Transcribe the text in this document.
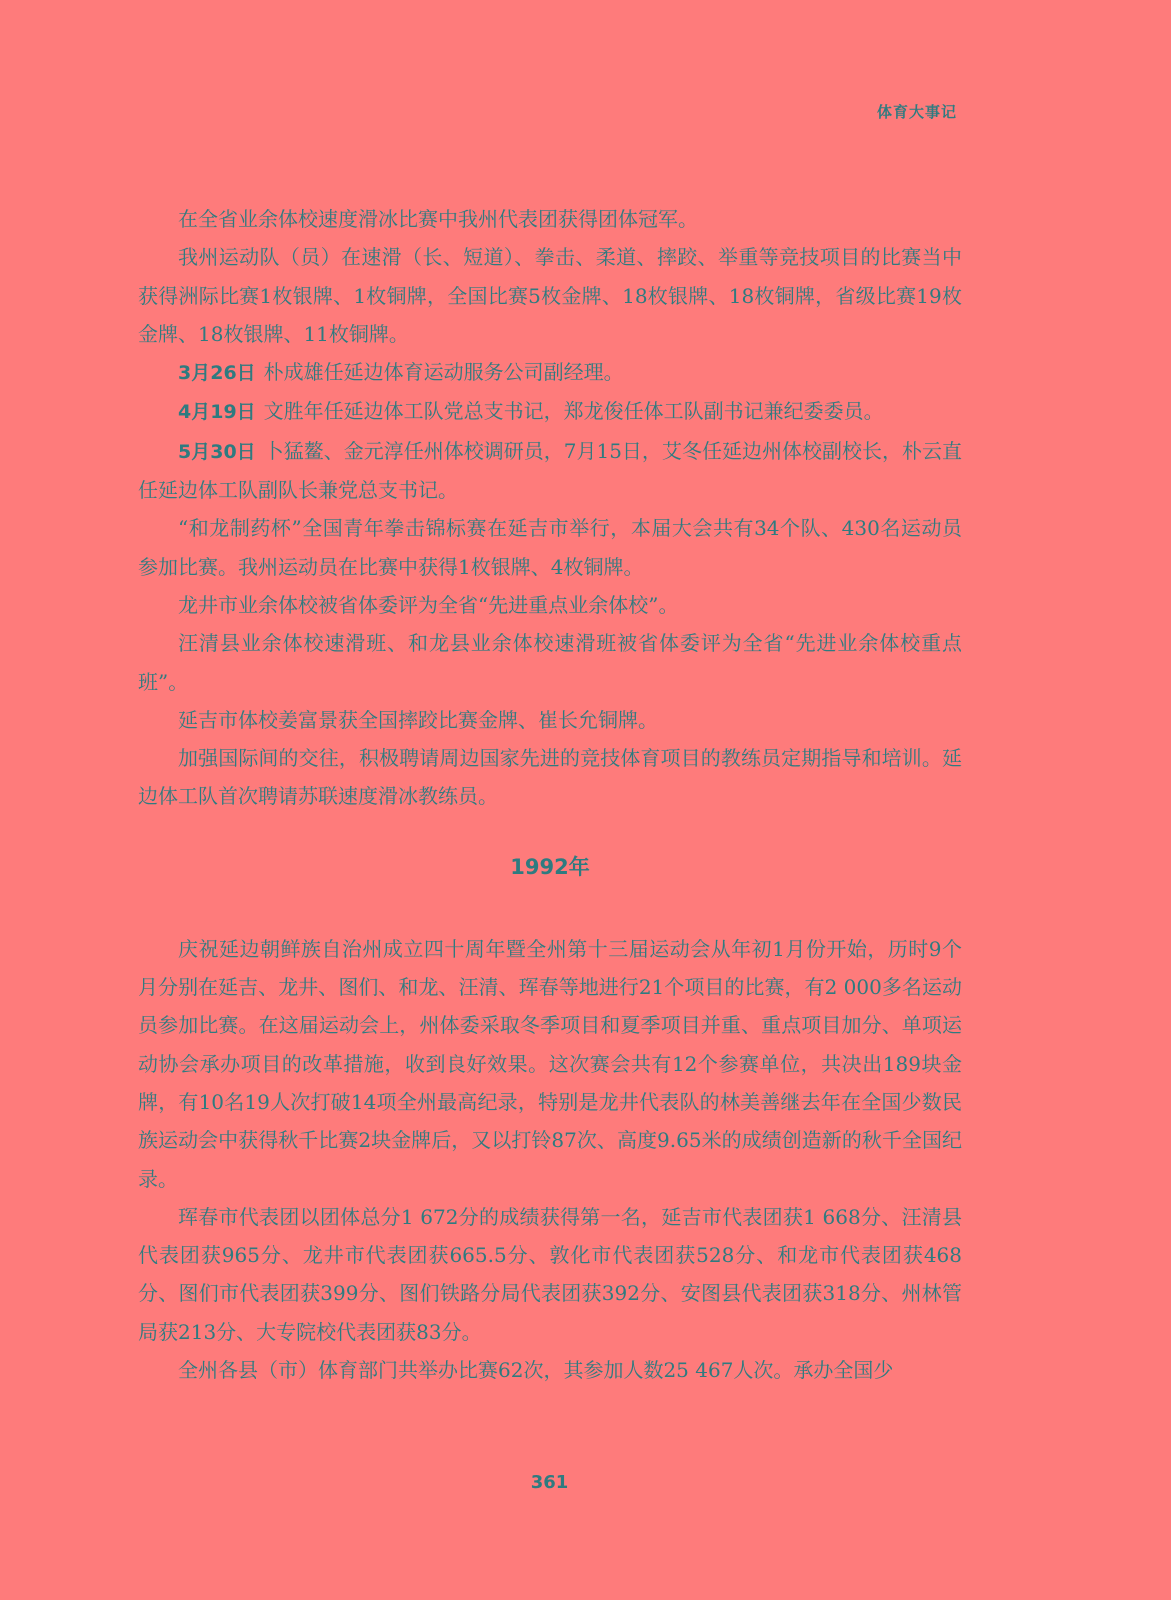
体育大事记

在全省业余体校速度滑冰比赛中我州代表团获得团体冠军。

我州运动队（员）在速滑（长、短道）、拳击、柔道、摔跤、举重等竞技项目的比赛当中获得洲际比赛1枚银牌、1枚铜牌，全国比赛5枚金牌、18枚银牌、18枚铜牌，省级比赛19枚金牌、18枚银牌、11枚铜牌。

3月26日 朴成雄任延边体育运动服务公司副经理。

4月19日 文胜年任延边体工队党总支书记，郑龙俊任体工队副书记兼纪委委员。

5月30日 卜猛鳌、金元淳任州体校调研员，7月15日，艾冬任延边州体校副校长，朴云直任延边体工队副队长兼党总支书记。

“和龙制药杯”全国青年拳击锦标赛在延吉市举行，本届大会共有34个队、430名运动员参加比赛。我州运动员在比赛中获得1枚银牌、4枚铜牌。

龙井市业余体校被省体委评为全省“先进重点业余体校”。

汪清县业余体校速滑班、和龙县业余体校速滑班被省体委评为全省“先进业余体校重点班”。

延吉市体校姜富景获全国摔跤比赛金牌、崔长允铜牌。

加强国际间的交往，积极聘请周边国家先进的竞技体育项目的教练员定期指导和培训。延边体工队首次聘请苏联速度滑冰教练员。

1992年

庆祝延边朝鲜族自治州成立四十周年暨全州第十三届运动会从年初1月份开始，历时9个月分别在延吉、龙井、图们、和龙、汪清、珲春等地进行21个项目的比赛，有2 000多名运动员参加比赛。在这届运动会上，州体委采取冬季项目和夏季项目并重、重点项目加分、单项运动协会承办项目的改革措施，收到良好效果。这次赛会共有12个参赛单位，共决出189块金牌，有10名19人次打破14项全州最高纪录，特别是龙井代表队的林美善继去年在全国少数民族运动会中获得秋千比赛2块金牌后，又以打铃87次、高度9.65米的成绩创造新的秋千全国纪录。

珲春市代表团以团体总分1 672分的成绩获得第一名，延吉市代表团获1 668分、汪清县代表团获965分、龙井市代表团获665.5分、敦化市代表团获528分、和龙市代表团获468分、图们市代表团获399分、图们铁路分局代表团获392分、安图县代表团获318分、州林管局获213分、大专院校代表团获83分。

全州各县（市）体育部门共举办比赛62次，其参加人数25 467人次。承办全国少

361
